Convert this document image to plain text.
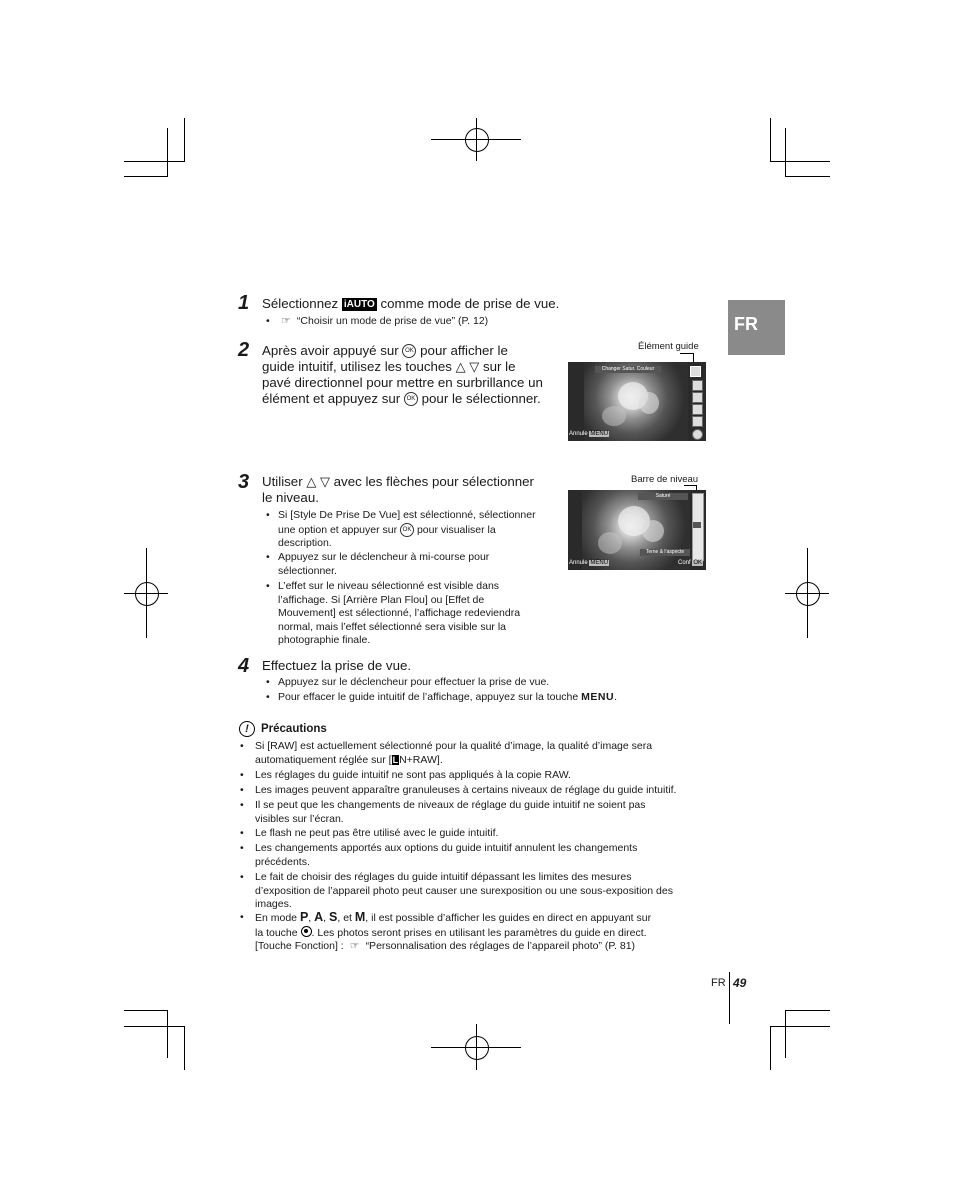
FR
1 Sélectionnez iAUTO comme mode de prise de vue.
•	☞ “Choisir un mode de prise de vue” (P. 12)
2 Après avoir appuyé sur OK pour afficher le
guide intuitif, utilisez les touches △ ▽ sur le
pavé directionnel pour mettre en surbrillance un
élément et appuyez sur OK pour le sélectionner.
Élément guide
Changer Satur. Couleur
Annule MENU
3 Utiliser △ ▽ avec les flèches pour sélectionner
le niveau.
• Si [Style De Prise De Vue] est sélectionné, sélectionner
une option et appuyer sur OK pour visualiser la
description.
• Appuyez sur le déclencheur à mi-course pour
sélectionner.
• L’effet sur le niveau sélectionné est visible dans
l’affichage. Si [Arrière Plan Flou] ou [Effet de
Mouvement] est sélectionné, l’affichage redeviendra
normal, mais l’effet sélectionné sera visible sur la
photographie finale.
Barre de niveau
Saturé
Terne & l’aspecte
Annule MENU	Conf OK
4 Effectuez la prise de vue.
• Appuyez sur le déclencheur pour effectuer la prise de vue.
• Pour effacer le guide intuitif de l’affichage, appuyez sur la touche MENU.
!	Précautions
• Si [RAW] est actuellement sélectionné pour la qualité d’image, la qualité d’image sera
automatiquement réglée sur [LN+RAW].
• Les réglages du guide intuitif ne sont pas appliqués à la copie RAW.
• Les images peuvent apparaître granuleuses à certains niveaux de réglage du guide intuitif.
• Il se peut que les changements de niveaux de réglage du guide intuitif ne soient pas
visibles sur l’écran.
• Le flash ne peut pas être utilisé avec le guide intuitif.
• Les changements apportés aux options du guide intuitif annulent les changements
précédents.
• Le fait de choisir des réglages du guide intuitif dépassant les limites des mesures
d’exposition de l’appareil photo peut causer une surexposition ou une sous-exposition des
images.
• En mode P, A, S, et M, il est possible d’afficher les guides en direct en appuyant sur
la touche . Les photos seront prises en utilisant les paramètres du guide en direct.
[Touche Fonction] : ☞ “Personnalisation des réglages de l’appareil photo” (P. 81)
FR 49
